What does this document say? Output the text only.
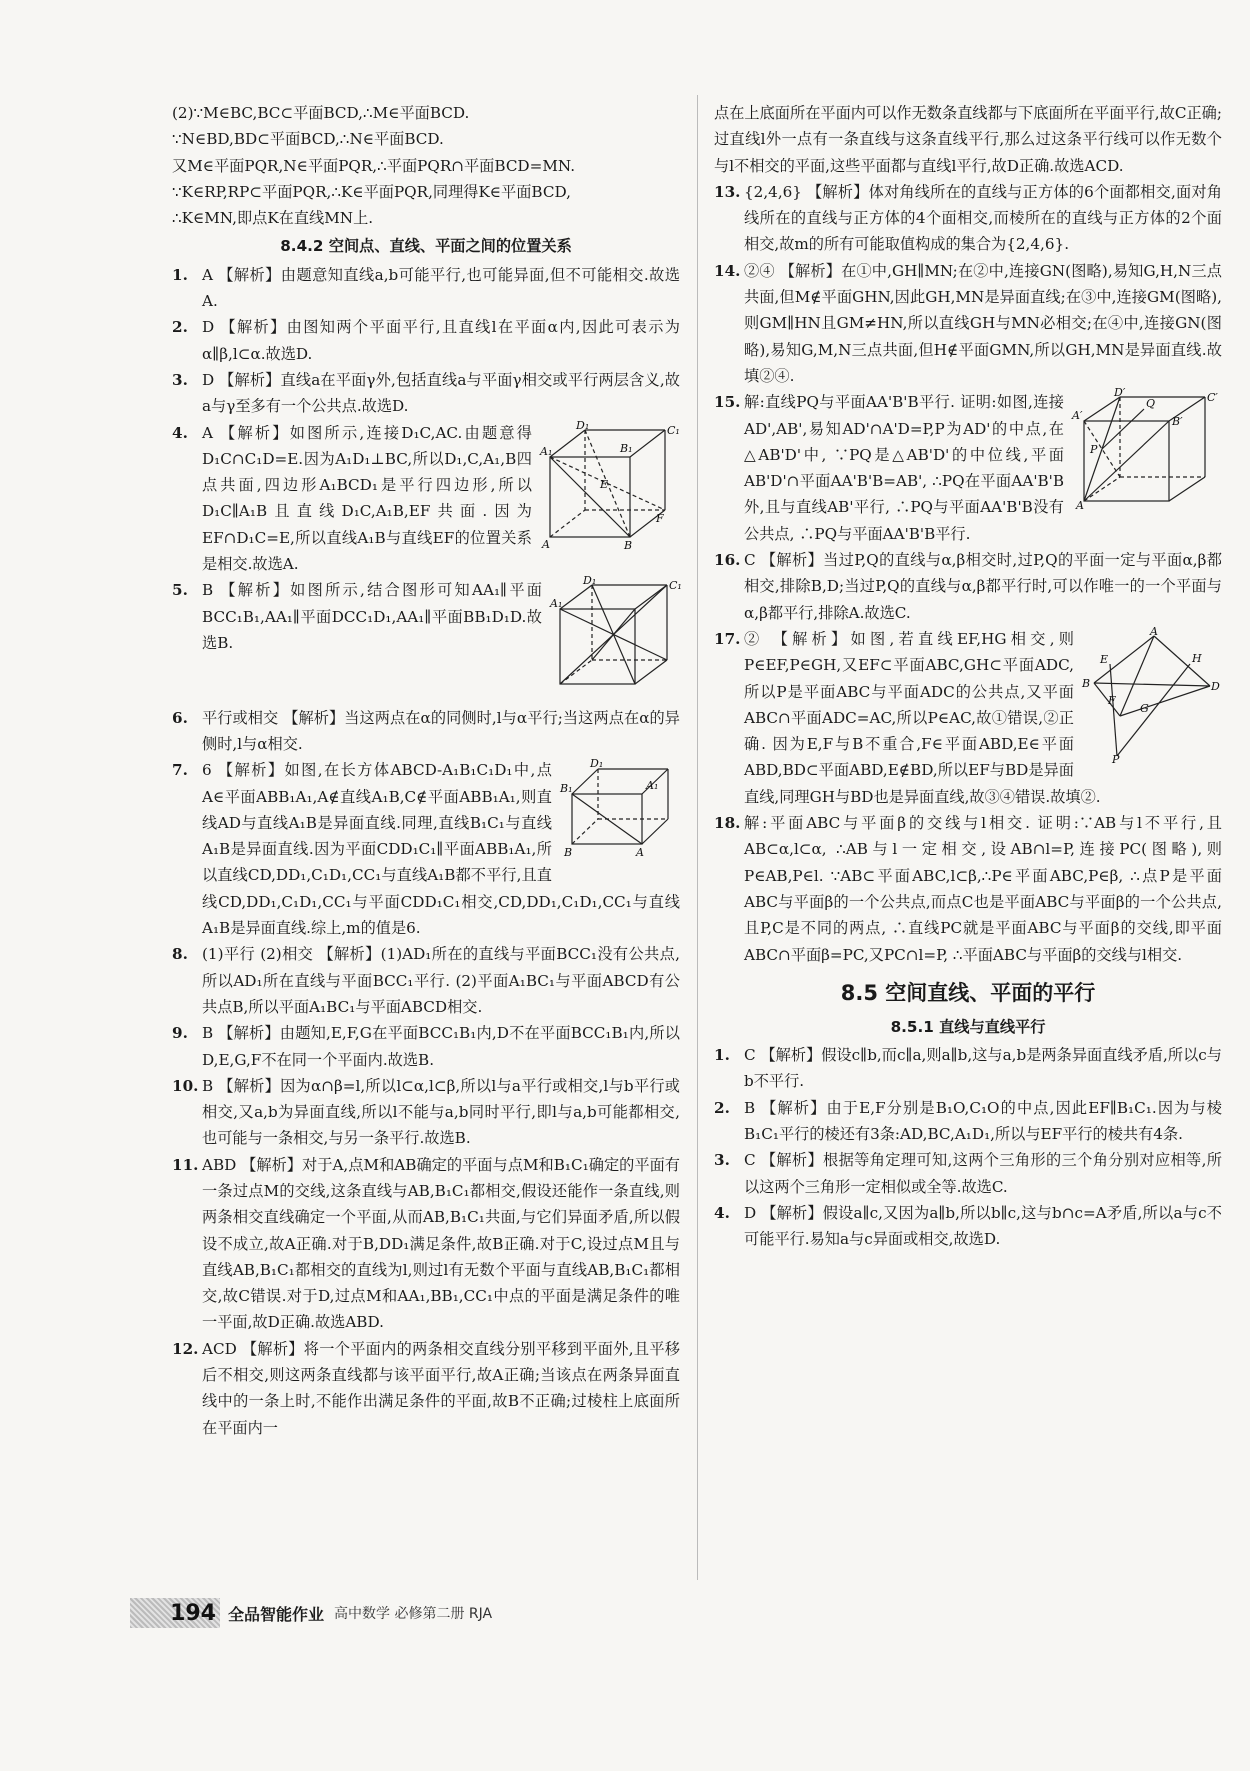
(2)∵M∈BC,BC⊂平面BCD,∴M∈平面BCD.

∵N∈BD,BD⊂平面BCD,∴N∈平面BCD.

又M∈平面PQR,N∈平面PQR,∴平面PQR∩平面BCD=MN.

∵K∈RP,RP⊂平面PQR,∴K∈平面PQR,同理得K∈平面BCD,

∴K∈MN,即点K在直线MN上.

8.4.2 空间点、直线、平面之间的位置关系
1. A 【解析】由题意知直线a,b可能平行,也可能异面,但不可能相交.故选A.
2. D 【解析】由图知两个平面平行,且直线l在平面α内,因此可表示为α∥β,l⊂α.故选D.
3. D 【解析】直线a在平面γ外,包括直线a与平面γ相交或平行两层含义,故a与γ至多有一个公共点.故选D.
4.	D₁	C₁
A₁	B₁
E
A	B
F
A 【解析】如图所示,连接D₁C,AC.由题意得D₁C∩C₁D=E.因为A₁D₁⊥BC,所以D₁,C,A₁,B四点共面,四边形A₁BCD₁是平行四边形,所以D₁C∥A₁B且直线D₁C,A₁B,EF共面.因为EF∩D₁C=E,所以直线A₁B与直线EF的位置关系是相交.故选A.
5.
D₁	C₁
A₁
B 【解析】如图所示,结合图形可知AA₁∥平面BCC₁B₁,AA₁∥平面DCC₁D₁,AA₁∥平面BB₁D₁D.故选B.
6. 平行或相交 【解析】当这两点在α的同侧时,l与α平行;当这两点在α的异侧时,l与α相交.
7.	D₁
B₁	A₁
B	A
6 【解析】如图,在长方体ABCD-A₁B₁C₁D₁中,点A∈平面ABB₁A₁,A∉直线A₁B,C∉平面ABB₁A₁,则直线AD与直线A₁B是异面直线.同理,直线B₁C₁与直线A₁B是异面直线.因为平面CDD₁C₁∥平面ABB₁A₁,所以直线CD,DD₁,C₁D₁,CC₁与直线A₁B都不平行,且直线CD,DD₁,C₁D₁,CC₁与平面CDD₁C₁相交,CD,DD₁,C₁D₁,CC₁与直线A₁B是异面直线.综上,m的值是6.
8. (1)平行 (2)相交 【解析】(1)AD₁所在的直线与平面BCC₁没有公共点,所以AD₁所在直线与平面BCC₁平行. (2)平面A₁BC₁与平面ABCD有公共点B,所以平面A₁BC₁与平面ABCD相交.
9. B 【解析】由题知,E,F,G在平面BCC₁B₁内,D不在平面BCC₁B₁内,所以D,E,G,F不在同一个平面内.故选B.
10. B 【解析】因为α∩β=l,所以l⊂α,l⊂β,所以l与a平行或相交,l与b平行或相交,又a,b为异面直线,所以l不能与a,b同时平行,即l与a,b可能都相交,也可能与一条相交,与另一条平行.故选B.
11. ABD 【解析】对于A,点M和AB确定的平面与点M和B₁C₁确定的平面有一条过点M的交线,这条直线与AB,B₁C₁都相交,假设还能作一条直线,则两条相交直线确定一个平面,从而AB,B₁C₁共面,与它们异面矛盾,所以假设不成立,故A正确.对于B,DD₁满足条件,故B正确.对于C,设过点M且与直线AB,B₁C₁都相交的直线为l,则过l有无数个平面与直线AB,B₁C₁都相交,故C错误.对于D,过点M和AA₁,BB₁,CC₁中点的平面是满足条件的唯一平面,故D正确.故选ABD.
12. ACD 【解析】将一个平面内的两条相交直线分别平移到平面外,且平移后不相交,则这两条直线都与该平面平行,故A正确;当该点在两条异面直线中的一条上时,不能作出满足条件的平面,故B不正确;过棱柱上底面所在平面内一

点在上底面所在平面内可以作无数条直线都与下底面所在平面平行,故C正确;过直线l外一点有一条直线与这条直线平行,那么过这条平行线可以作无数个与l不相交的平面,这些平面都与直线l平行,故D正确.故选ACD.

13. {2,4,6} 【解析】体对角线所在的直线与正方体的6个面都相交,面对角线所在的直线与正方体的4个面相交,而棱所在的直线与正方体的2个面相交,故m的所有可能取值构成的集合为{2,4,6}.
14. ②④ 【解析】在①中,GH∥MN;在②中,连接GN(图略),易知G,H,N三点共面,但M∉平面GHN,因此GH,MN是异面直线;在③中,连接GM(图略),则GM∥HN且GM≠HN,所以直线GH与MN必相交;在④中,连接GN(图略),易知G,M,N三点共面,但H∉平面GMN,所以GH,MN是异面直线.故填②④.
15.
D′	C′
Q
A′	B′
P
A
解:直线PQ与平面AA'B'B平行. 证明:如图,连接AD',AB',易知AD'∩A'D=P,P为AD'的中点,在△AB'D'中, ∵PQ是△AB'D'的中位线,平面AB'D'∩平面AA'B'B=AB', ∴PQ在平面AA'B'B外,且与直线AB'平行, ∴PQ与平面AA'B'B没有公共点, ∴PQ与平面AA'B'B平行.
16. C 【解析】当过P,Q的直线与α,β相交时,过P,Q的平面一定与平面α,β都相交,排除B,D;当过P,Q的直线与α,β都平行时,可以作唯一的一个平面与α,β都平行,排除A.故选C.
17.	A
E	H
B	D
F
G
P
② 【解析】如图,若直线EF,HG相交,则P∈EF,P∈GH,又EF⊂平面ABC,GH⊂平面ADC,所以P是平面ABC与平面ADC的公共点,又平面ABC∩平面ADC=AC,所以P∈AC,故①错误,②正确. 因为E,F与B不重合,F∈平面ABD,E∈平面ABD,BD⊂平面ABD,E∉BD,所以EF与BD是异面直线,同理GH与BD也是异面直线,故③④错误.故填②.
18. 解:平面ABC与平面β的交线与l相交. 证明:∵AB与l不平行,且AB⊂α,l⊂α, ∴AB与l一定相交,设AB∩l=P,连接PC(图略),则P∈AB,P∈l. ∵AB⊂平面ABC,l⊂β,∴P∈平面ABC,P∈β, ∴点P是平面ABC与平面β的一个公共点,而点C也是平面ABC与平面β的一个公共点,且P,C是不同的两点, ∴直线PC就是平面ABC与平面β的交线,即平面ABC∩平面β=PC,又PC∩l=P, ∴平面ABC与平面β的交线与l相交.
8.5 空间直线、平面的平行
8.5.1 直线与直线平行
1. C 【解析】假设c∥b,而c∥a,则a∥b,这与a,b是两条异面直线矛盾,所以c与b不平行.
2. B 【解析】由于E,F分别是B₁O,C₁O的中点,因此EF∥B₁C₁.因为与棱B₁C₁平行的棱还有3条:AD,BC,A₁D₁,所以与EF平行的棱共有4条.
3. C 【解析】根据等角定理可知,这两个三角形的三个角分别对应相等,所以这两个三角形一定相似或全等.故选C.
4. D 【解析】假设a∥c,又因为a∥b,所以b∥c,这与b∩c=A矛盾,所以a与c不可能平行.易知a与c异面或相交,故选D.
194 全品智能作业 高中数学 必修第二册 RJA
